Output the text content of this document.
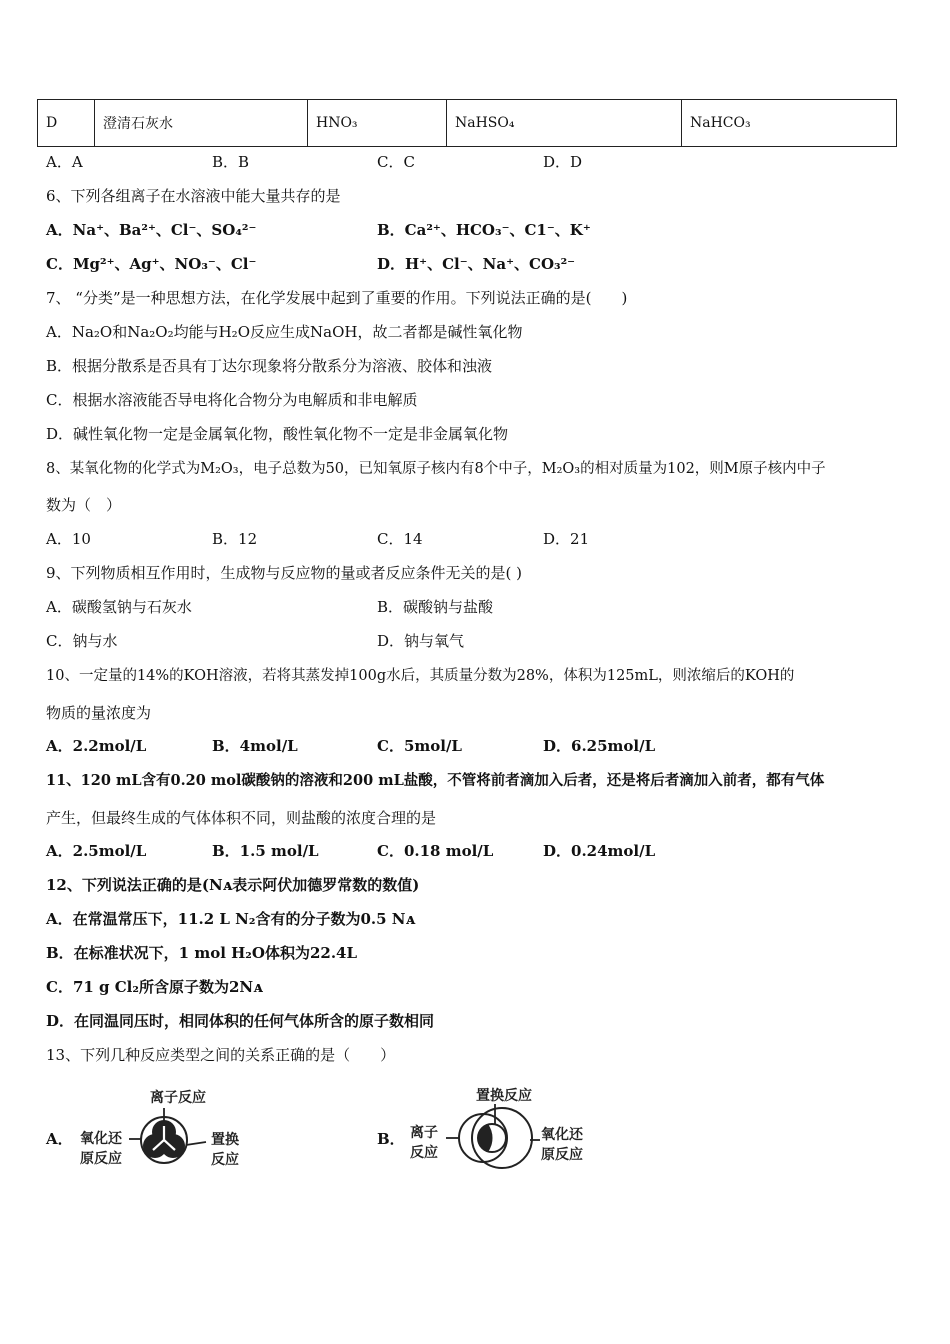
D	澄清石灰水	HNO₃	NaHSO₄	NaHCO₃
A．A	B．B	C．C	D．D
6、下列各组离子在水溶液中能大量共存的是
A．Na⁺、Ba²⁺、Cl⁻、SO₄²⁻	B．Ca²⁺、HCO₃⁻、C1⁻、K⁺
C．Mg²⁺、Ag⁺、NO₃⁻、Cl⁻	D．H⁺、Cl⁻、Na⁺、CO₃²⁻
7、 “分类”是一种思想方法，在化学发展中起到了重要的作用。下列说法正确的是(　　)
A．Na₂O和Na₂O₂均能与H₂O反应生成NaOH，故二者都是碱性氧化物
B．根据分散系是否具有丁达尔现象将分散系分为溶液、胶体和浊液
C．根据水溶液能否导电将化合物分为电解质和非电解质
D．碱性氧化物一定是金属氧化物，酸性氧化物不一定是非金属氧化物
8、某氧化物的化学式为M₂O₃，电子总数为50，已知氧原子核内有8个中子，M₂O₃的相对质量为102，则M原子核内中子
数为（　）
A．10	B．12	C．14	D．21
9、下列物质相互作用时，生成物与反应物的量或者反应条件无关的是( )
A．碳酸氢钠与石灰水	B．碳酸钠与盐酸
C．钠与水	D．钠与氧气
10、一定量的14%的KOH溶液，若将其蒸发掉100g水后，其质量分数为28%，体积为125mL，则浓缩后的KOH的
物质的量浓度为
A．2.2mol/L	B．4mol/L	C．5mol/L	D．6.25mol/L
11、120 mL含有0.20 mol碳酸钠的溶液和200 mL盐酸，不管将前者滴加入后者，还是将后者滴加入前者，都有气体
产生，但最终生成的气体体积不同，则盐酸的浓度合理的是
A．2.5mol/L	B．1.5 mol/L	C．0.18 mol/L	D．0.24mol/L
12、下列说法正确的是(Nᴀ表示阿伏加德罗常数的数值)
A．在常温常压下，11.2 L N₂含有的分子数为0.5 Nᴀ
B．在标准状况下，1 mol H₂O体积为22.4L
C．71 g Cl₂所含原子数为2Nᴀ
D．在同温同压时，相同体积的任何气体所含的原子数相同
13、下列几种反应类型之间的关系正确的是（　　）
A．
离子反应
氧化还
原反应
置换
反应
B．
置换反应
离子
反应
氧化还
原反应
